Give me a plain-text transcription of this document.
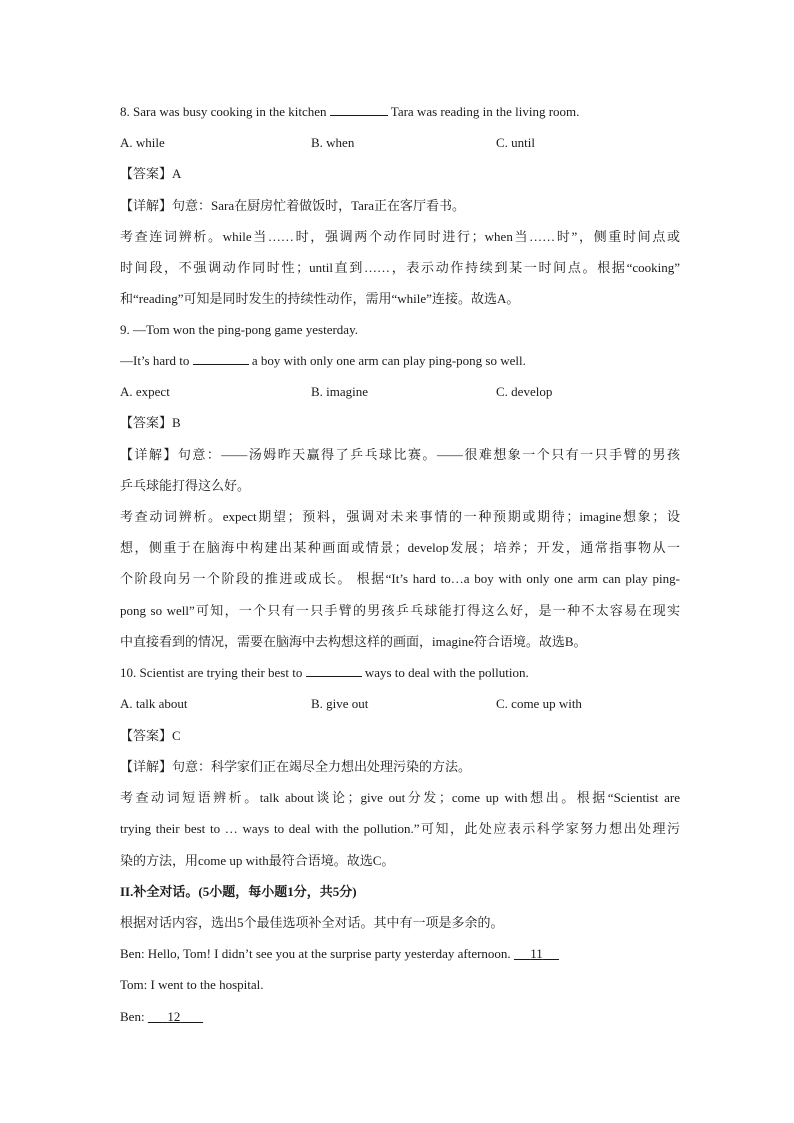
8. Sara was busy cooking in the kitchen	Tara was reading in the living room.
A. while	B. when	C. until
【答案】A
【详解】句意：Sara在厨房忙着做饭时，Tara正在客厅看书。
考查连词辨析。while当……时，强调两个动作同时进行；when当……时”，侧重时间点或
时间段，不强调动作同时性；until直到……，表示动作持续到某一时间点。根据“cooking”
和“reading”可知是同时发生的持续性动作，需用“while”连接。故选A。
9. —Tom won the ping-pong game yesterday.
—It’s hard to	a boy with only one arm can play ping-pong so well.
A. expect	B. imagine	C. develop
【答案】B
【详解】句意：——汤姆昨天赢得了乒乓球比赛。——很难想象一个只有一只手臂的男孩
乒乓球能打得这么好。
考查动词辨析。expect期望；预料，强调对未来事情的一种预期或期待；imagine想象；设
想，侧重于在脑海中构建出某种画面或情景；develop发展；培养；开发，通常指事物从一
个阶段向另一个阶段的推进或成长。 根据“It’s hard to…a boy with only one arm can play ping-
pong so well”可知，一个只有一只手臂的男孩乒乓球能打得这么好，是一种不太容易在现实
中直接看到的情况，需要在脑海中去构想这样的画面，imagine符合语境。故选B。
10. Scientist are trying their best to	ways to deal with the pollution.
A. talk about	B. give out	C. come up with
【答案】C
【详解】句意：科学家们正在竭尽全力想出处理污染的方法。
考查动词短语辨析。talk about谈论；give out分发；come up with想出。根据“Scientist are
trying their best to … ways to deal with the pollution.”可知，此处应表示科学家努力想出处理污
染的方法，用come up with最符合语境。故选C。
II.补全对话。(5小题，每小题1分，共5分)
根据对话内容，选出5个最佳选项补全对话。其中有一项是多余的。
Ben: Hello, Tom! I didn’t see you at the surprise party yesterday afternoon.      11
Tom: I went to the hospital.
Ben:       12
